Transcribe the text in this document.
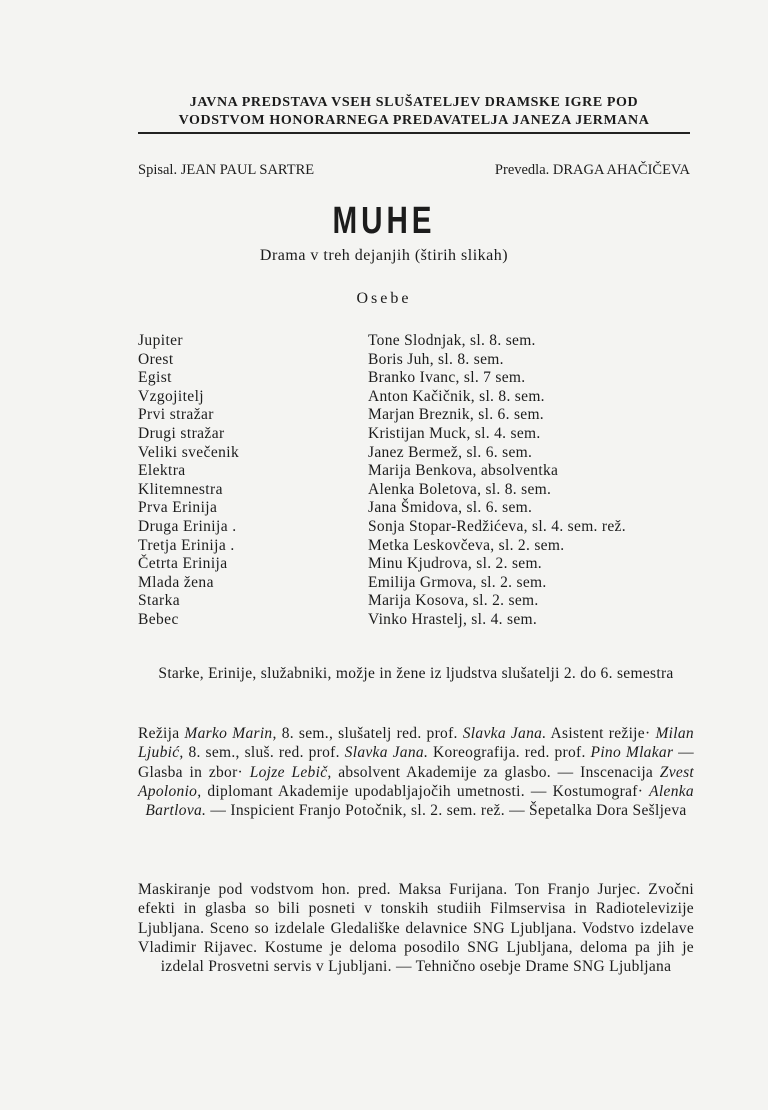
JAVNA PREDSTAVA VSEH SLUŠATELJEV DRAMSKE IGRE POD
VODSTVOM HONORARNEGA PREDAVATELJA JANEZA JERMANA
Spisal. JEAN PAUL SARTRE	Prevedla. DRAGA AHAČIČEVA
MUHE
Drama v treh dejanjih (štirih slikah)
Osebe
Jupiter	Tone Slodnjak, sl. 8. sem.
Orest	Boris Juh, sl. 8. sem.
Egist	Branko Ivanc, sl. 7 sem.
Vzgojitelj	Anton Kačičnik, sl. 8. sem.
Prvi stražar	Marjan Breznik, sl. 6. sem.
Drugi stražar	Kristijan Muck, sl. 4. sem.
Veliki svečenik	Janez Bermež, sl. 6. sem.
Elektra	Marija Benkova, absolventka
Klitemnestra	Alenka Boletova, sl. 8. sem.
Prva Erinija	Jana Šmidova, sl. 6. sem.
Druga Erinija .	Sonja Stopar-Redžićeva, sl. 4. sem. rež.
Tretja Erinija .	Metka Leskovčeva, sl. 2. sem.
Četrta Erinija	Minu Kjudrova, sl. 2. sem.
Mlada žena	Emilija Grmova, sl. 2. sem.
Starka	Marija Kosova, sl. 2. sem.
Bebec	Vinko Hrastelj, sl. 4. sem.
Starke, Erinije, služabniki, možje in žene iz ljudstva slušatelji 2. do 6. semestra
Režija Marko Marin, 8. sem., slušatelj red. prof. Slavka Jana. Asistent režije· Milan Ljubić, 8. sem., sluš. red. prof. Slavka Jana. Koreografija. red. prof. Pino Mlakar — Glasba in zbor· Lojze Lebič, absolvent Akademije za glasbo. — Inscenacija Zvest Apolonio, diplomant Akademije upodabljajočih umetnosti. — Kostumograf· Alenka Bartlova. — Inspicient Franjo Potočnik, sl. 2. sem. rež. — Šepetalka Dora Sešljeva
Maskiranje pod vodstvom hon. pred. Maksa Furijana. Ton Franjo Jurjec. Zvočni efekti in glasba so bili posneti v tonskih studiih Filmservisa in Radiotelevizije Ljubljana. Sceno so izdelale Gledališke delavnice SNG Ljubljana. Vodstvo izdelave Vladimir Rijavec. Kostume je deloma posodilo SNG Ljubljana, deloma pa jih je izdelal Prosvetni servis v Ljubljani. — Tehnično osebje Drame SNG Ljubljana
